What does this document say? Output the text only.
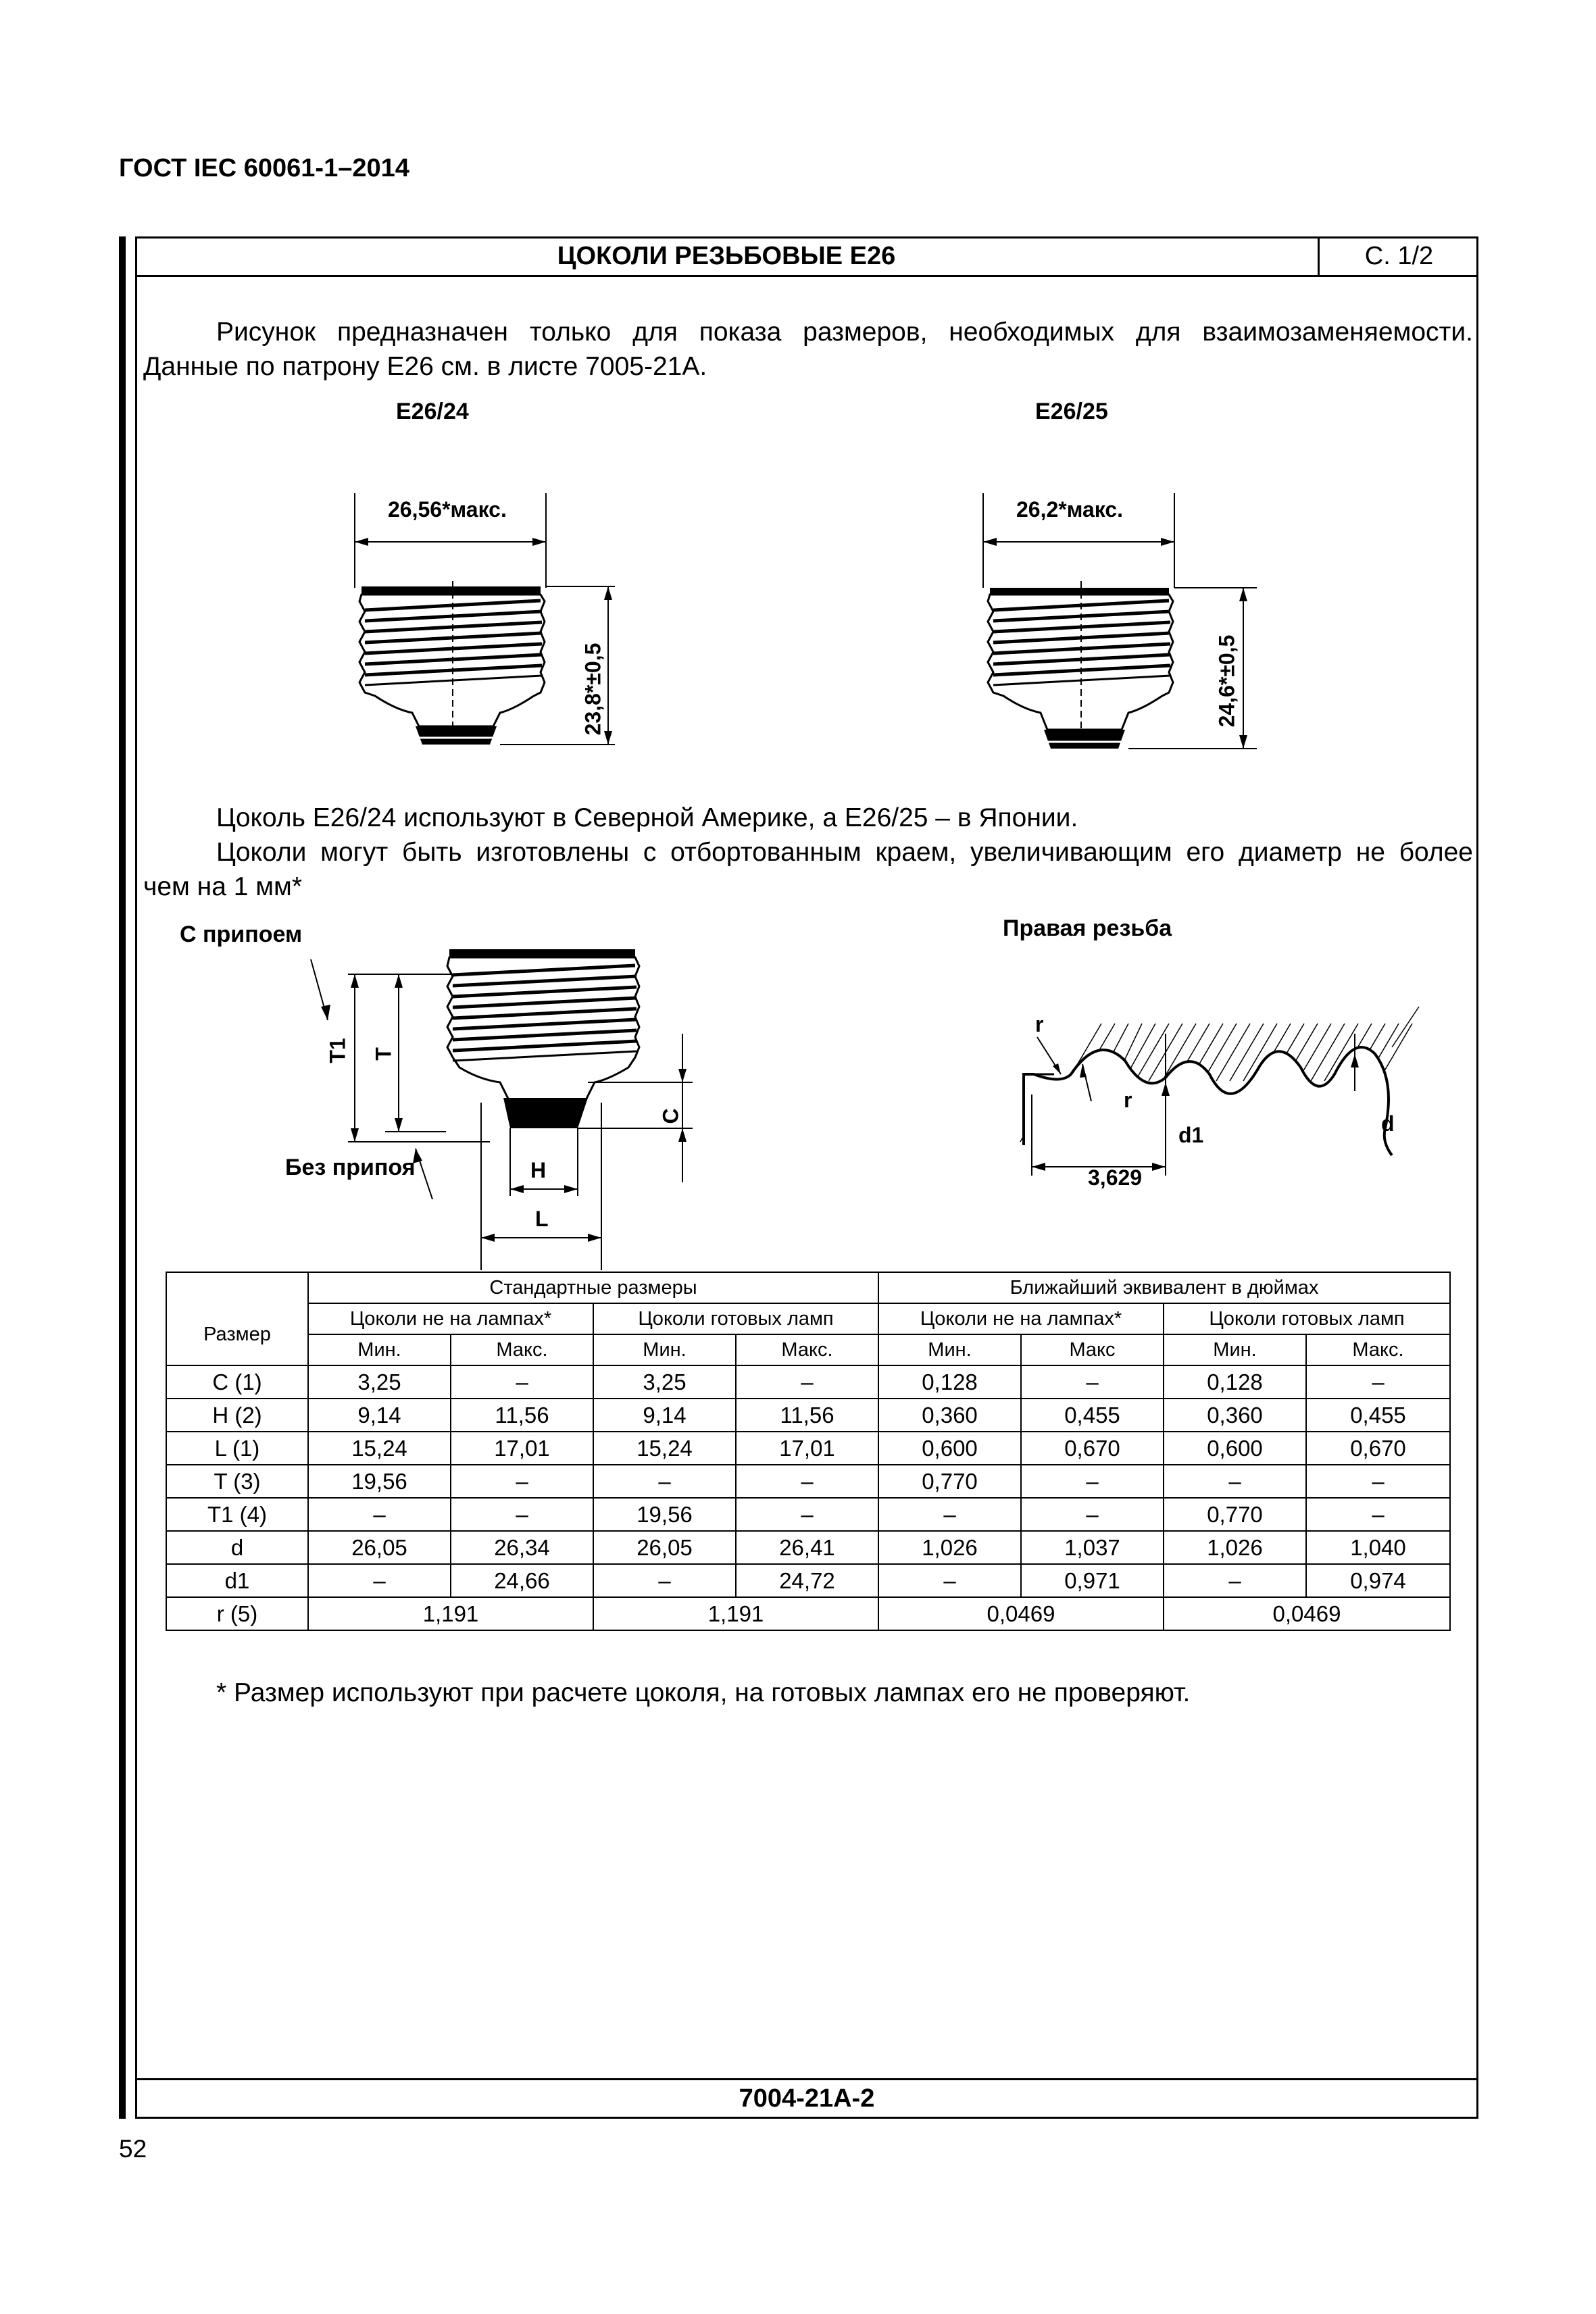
ГОСТ IEC 60061-1–2014
ЦОКОЛИ РЕЗЬБОВЫЕ E26	С. 1/2
Рисунок предназначен только для показа размеров, необходимых для взаимозаменяемости.
Данные по патрону E26 см. в листе 7005-21А.
E26/24	E26/25
26,56*макс.
23,8*±0,5
26,2*макс.
24,6*±0,5
Цоколь E26/24 используют в Северной Америке, а E26/25 – в Японии.
Цоколи могут быть изготовлены с отбортованным краем, увеличивающим его диаметр не более
чем на 1 мм*
С припоем
Без припоя
T1 T
C
H
L
Правая резьба
r
r
d1	d
3,629
	Стандартные размеры				Ближайший эквивалент в дюймах			
Размер	Цоколи не на лампах*		Цоколи готовых ламп		Цоколи не на лампах*		Цоколи готовых ламп	
	Мин.	Макс.	Мин.	Макс.	Мин.	Макс	Мин.	Макс.
C (1)	3,25	–	3,25	–	0,128	–	0,128	–
H (2)	9,14	11,56	9,14	11,56	0,360	0,455	0,360	0,455
L (1)	15,24	17,01	15,24	17,01	0,600	0,670	0,600	0,670
T (3)	19,56	–	–	–	0,770	–	–	–
T1 (4)	–	–	19,56	–	–	–	0,770	–
d	26,05	26,34	26,05	26,41	1,026	1,037	1,026	1,040
d1	–	24,66	–	24,72	–	0,971	–	0,974
r (5)	1,191		1,191		0,0469		0,0469	
* Размер используют при расчете цоколя, на готовых лампах его не проверяют.
7004-21А-2
52
